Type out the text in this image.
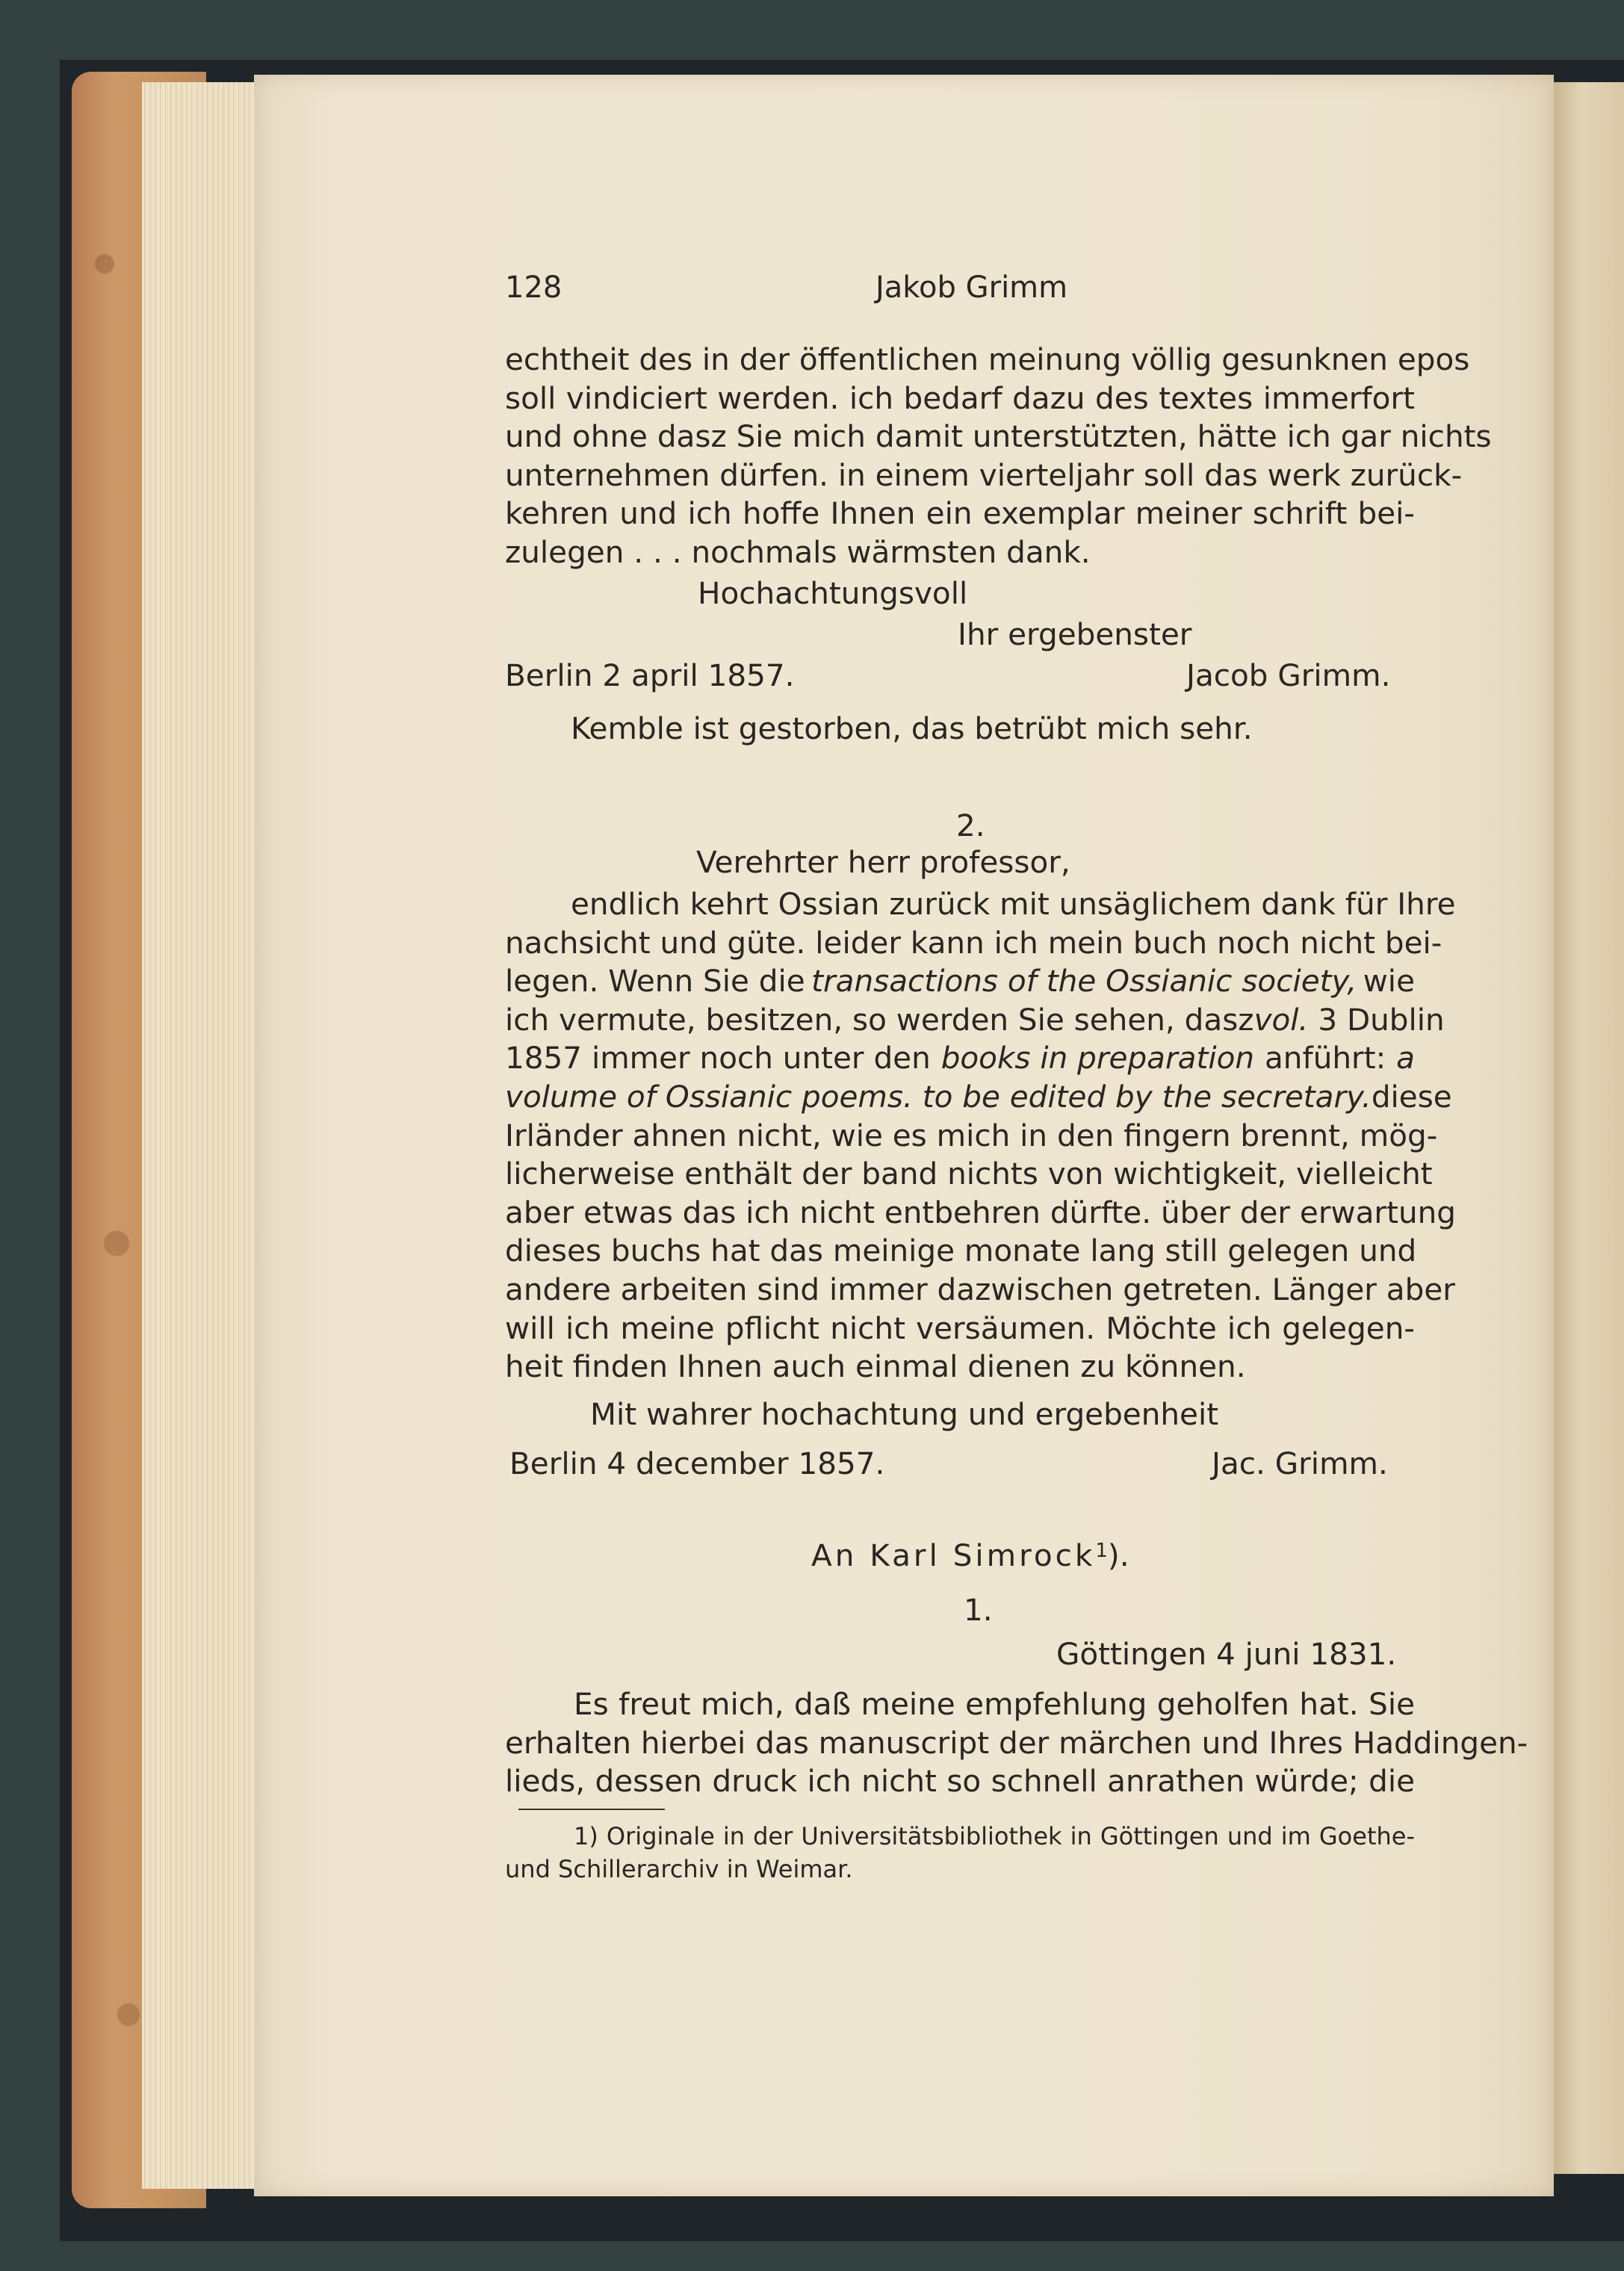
128	Jakob Grimm
echtheit des in der öffentlichen meinung völlig gesunknen epos
soll vindiciert werden. ich bedarf dazu des textes immerfort
und ohne dasz Sie mich damit unterstützten, hätte ich gar nichts
unternehmen dürfen. in einem vierteljahr soll das werk zurück-
kehren und ich hoffe Ihnen ein exemplar meiner schrift bei-
zulegen . . . nochmals wärmsten dank.
Hochachtungsvoll
Ihr ergebenster
Berlin 2 april 1857.	Jacob Grimm.
Kemble ist gestorben, das betrübt mich sehr.
2.
Verehrter herr professor,
endlich kehrt Ossian zurück mit unsäglichem dank für Ihre
nachsicht und güte. leider kann ich mein buch noch nicht bei-
legen. Wenn Sie die transactions of the Ossianic society, wie
ich vermute, besitzen, so werden Sie sehen, dasz vol. 3 Dublin
1857 immer noch unter den books in preparation anführt: a
volume of Ossianic poems. to be edited by the secretary. diese
Irländer ahnen nicht, wie es mich in den fingern brennt, mög-
licherweise enthält der band nichts von wichtigkeit, vielleicht
aber etwas das ich nicht entbehren dürfte. über der erwartung
dieses buchs hat das meinige monate lang still gelegen und
andere arbeiten sind immer dazwischen getreten. Länger aber
will ich meine pflicht nicht versäumen. Möchte ich gelegen-
heit finden Ihnen auch einmal dienen zu können.
Mit wahrer hochachtung und ergebenheit
Berlin 4 december 1857.	Jac. Grimm.
An Karl Simrock$^1$).
1.
Göttingen 4 juni 1831.
Es freut mich, daß meine empfehlung geholfen hat. Sie
erhalten hierbei das manuscript der märchen und Ihres Haddingen-
lieds, dessen druck ich nicht so schnell anrathen würde; die
1) Originale in der Universitätsbibliothek in Göttingen und im Goethe-
und Schillerarchiv in Weimar.
